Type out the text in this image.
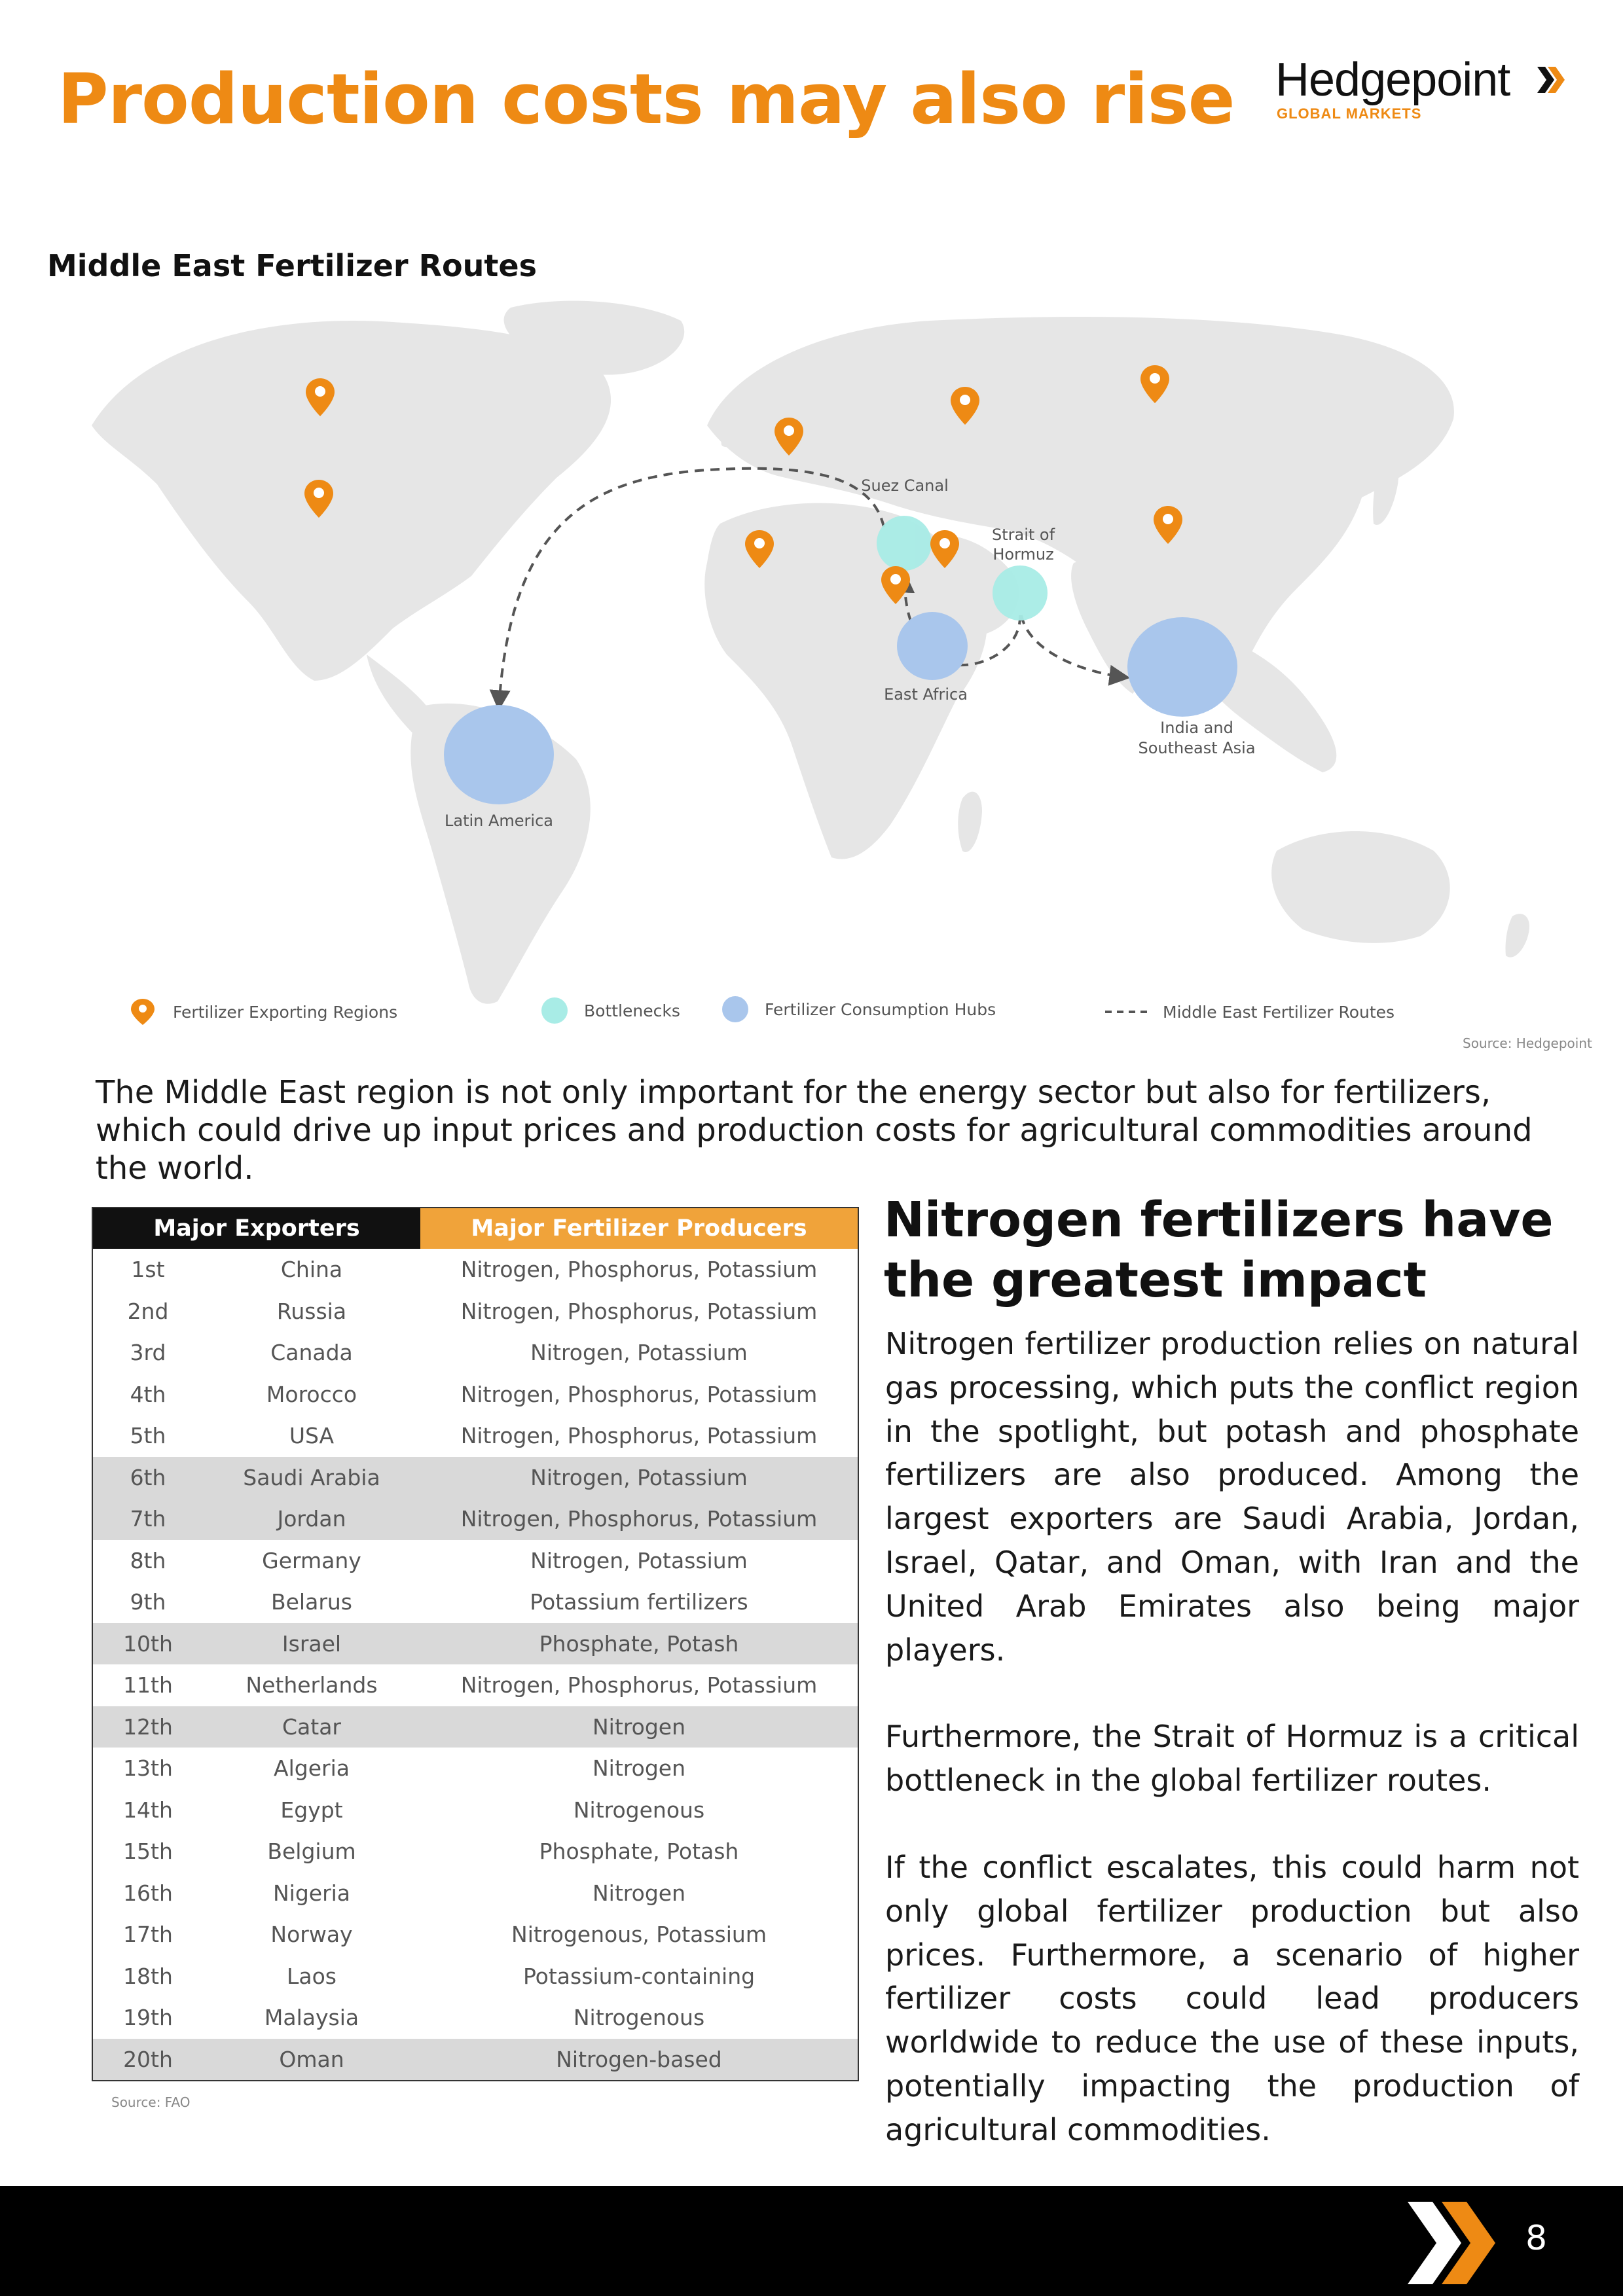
Production costs may also rise Hedgepoint
GLOBAL MARKETS
Middle East Fertilizer Routes
Suez Canal
Strait of
Hormuz
East Africa
India and
Southeast Asia
Latin America
Fertilizer Exporting Regions	Bottlenecks	Fertilizer Consumption Hubs	Middle East Fertilizer Routes
Source: Hedgepoint

The Middle East region is not only important for the energy sector but also for fertilizers, which could drive up input prices and production costs for agricultural commodities around the world.

Major Exporters		Major Fertilizer Producers
1st	China	Nitrogen, Phosphorus, Potassium
2nd	Russia	Nitrogen, Phosphorus, Potassium
3rd	Canada	Nitrogen, Potassium
4th	Morocco	Nitrogen, Phosphorus, Potassium
5th	USA	Nitrogen, Phosphorus, Potassium
6th	Saudi Arabia	Nitrogen, Potassium
7th	Jordan	Nitrogen, Phosphorus, Potassium
8th	Germany	Nitrogen, Potassium
9th	Belarus	Potassium fertilizers
10th	Israel	Phosphate, Potash
11th	Netherlands	Nitrogen, Phosphorus, Potassium
12th	Catar	Nitrogen
13th	Algeria	Nitrogen
14th	Egypt	Nitrogenous
15th	Belgium	Phosphate, Potash
16th	Nigeria	Nitrogen
17th	Norway	Nitrogenous, Potassium
18th	Laos	Potassium-containing
19th	Malaysia	Nitrogenous
20th	Oman	Nitrogen-based
Source: FAO
Nitrogen fertilizers have the greatest impact

Nitrogen fertilizer production relies on natural gas processing, which puts the conflict region in the spotlight, but potash and phosphate fertilizers are also produced. Among the largest exporters are Saudi Arabia, Jordan, Israel, Qatar, and Oman, with Iran and the United Arab Emirates also being major players.

Furthermore, the Strait of Hormuz is a critical bottleneck in the global fertilizer routes.

If the conflict escalates, this could harm not only global fertilizer production but also prices. Furthermore, a scenario of higher fertilizer costs could lead producers worldwide to reduce the use of these inputs, potentially impacting the production of agricultural commodities.

8
